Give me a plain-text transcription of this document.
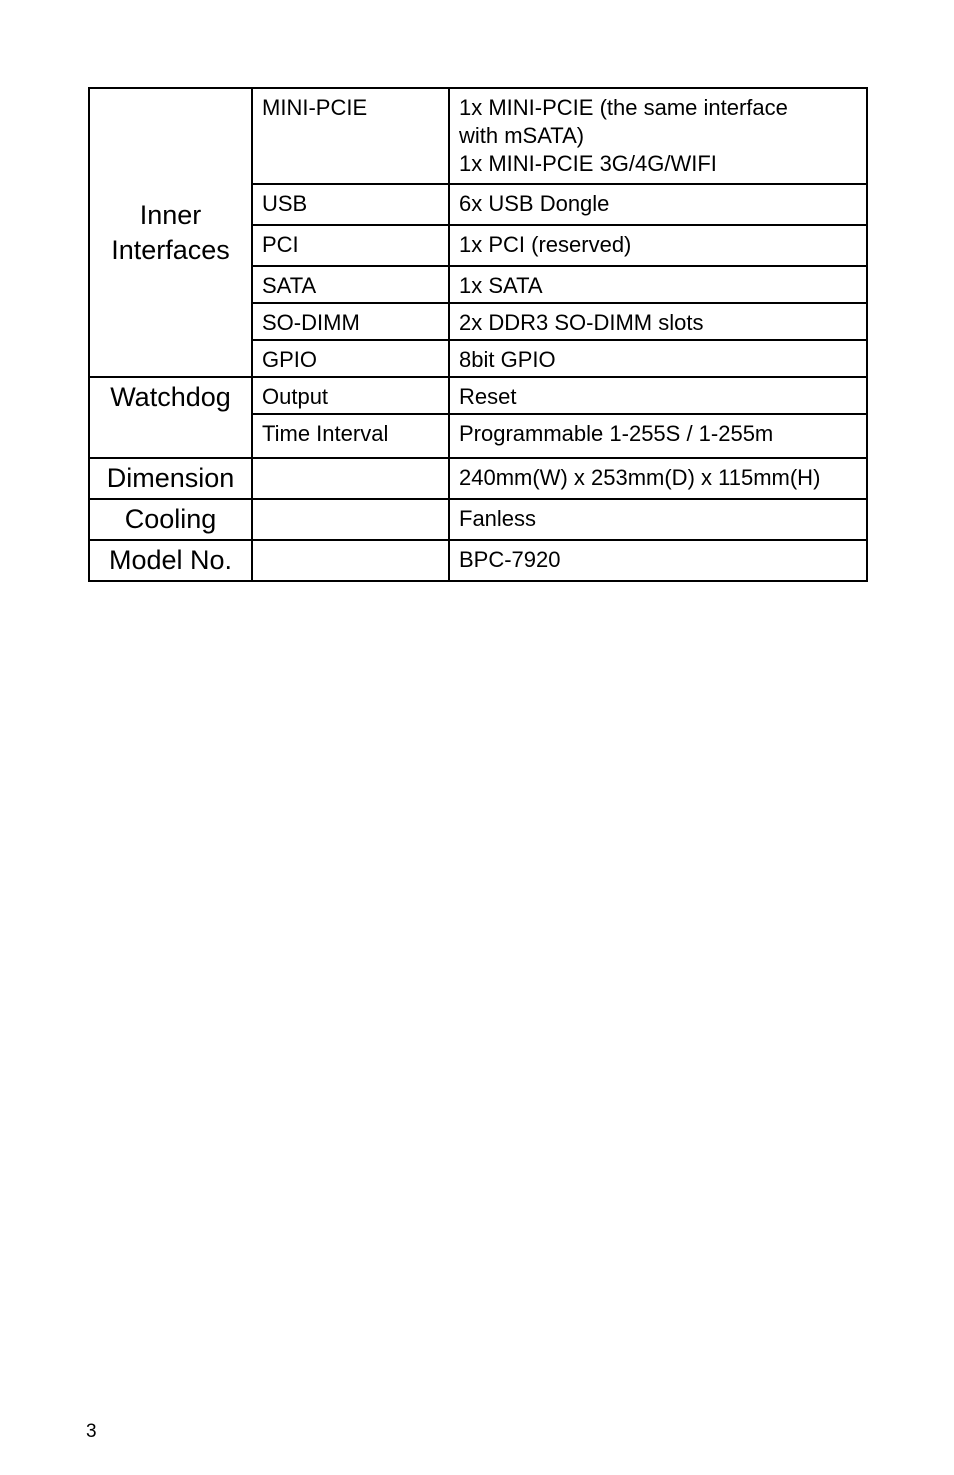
Inner
Interfaces	MINI-PCIE	1x MINI-PCIE (the same interface
with mSATA)
1x MINI-PCIE 3G/4G/WIFI

	USB	6x USB Dongle
	PCI	1x PCI (reserved)
	SATA	1x SATA
	SO-DIMM	2x DDR3 SO-DIMM slots
	GPIO	8bit GPIO
Watchdog	Output	Reset
	Time Interval	Programmable 1-255S / 1-255m
Dimension		240mm(W) x 253mm(D) x 115mm(H)
Cooling		Fanless
Model No.		BPC-7920
3
